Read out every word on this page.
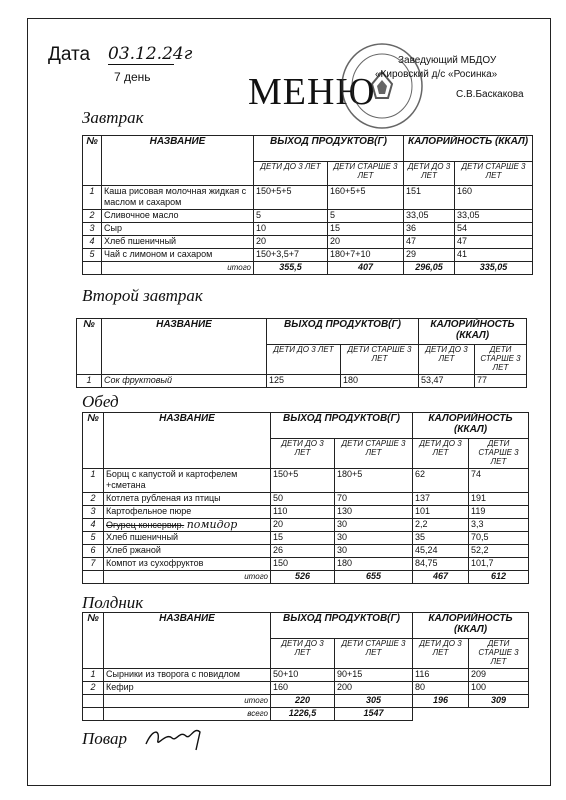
Дата 03.12.24г
7 день	МЕНЮ
Заведующий МБДОУ
«Кировский д/с «Росинка»
С.В.Баскакова
Завтрак
№	НАЗВАНИЕ	ВЫХОД ПРОДУКТОВ(Г)		КАЛОРИЙНОСТЬ (ККАЛ)	
		ДЕТИ ДО 3 ЛЕТ	ДЕТИ СТАРШЕ 3 ЛЕТ	ДЕТИ ДО 3 ЛЕТ	ДЕТИ СТАРШЕ 3 ЛЕТ
1	Каша рисовая молочная жидкая с маслом и сахаром	150+5+5	160+5+5	151	160
2	Сливочное масло	5	5	33,05	33,05
3	Сыр	10	15	36	54
4	Хлеб пшеничный	20	20	47	47
5	Чай с лимоном и сахаром	150+3,5+7	180+7+10	29	41
	итого	355,5	407	296,05	335,05
Второй завтрак
№	НАЗВАНИЕ	ВЫХОД ПРОДУКТОВ(Г)		КАЛОРИЙНОСТЬ (ККАЛ)	
		ДЕТИ ДО 3 ЛЕТ	ДЕТИ СТАРШЕ 3 ЛЕТ	ДЕТИ ДО 3 ЛЕТ	ДЕТИ СТАРШЕ 3 ЛЕТ
1	Сок фруктовый	125	180	53,47	77
Обед
№	НАЗВАНИЕ	ВЫХОД ПРОДУКТОВ(Г)		КАЛОРИЙНОСТЬ (ККАЛ)	
		ДЕТИ ДО 3 ЛЕТ	ДЕТИ СТАРШЕ 3 ЛЕТ	ДЕТИ ДО 3 ЛЕТ	ДЕТИ СТАРШЕ 3 ЛЕТ
1	Борщ с капустой и картофелем +сметана	150+5	180+5	62	74
2	Котлета рубленая из птицы	50	70	137	191
3	Картофельное пюре	110	130	101	119
4	Огурец консервир. помидор	20	30	2,2	3,3
5	Хлеб пшеничный	15	30	35	70,5
6	Хлеб ржаной	26	30	45,24	52,2
7	Компот из сухофруктов	150	180	84,75	101,7
	итого	526	655	467	612
Полдник
№	НАЗВАНИЕ	ВЫХОД ПРОДУКТОВ(Г)		КАЛОРИЙНОСТЬ (ККАЛ)	
		ДЕТИ ДО 3 ЛЕТ	ДЕТИ СТАРШЕ 3 ЛЕТ	ДЕТИ ДО 3 ЛЕТ	ДЕТИ СТАРШЕ 3 ЛЕТ
1	Сырники из творога с повидлом	50+10	90+15	116	209
2	Кефир	160	200	80	100
	итого	220	305	196	309
	всего	1226,5	1547		
Повар
